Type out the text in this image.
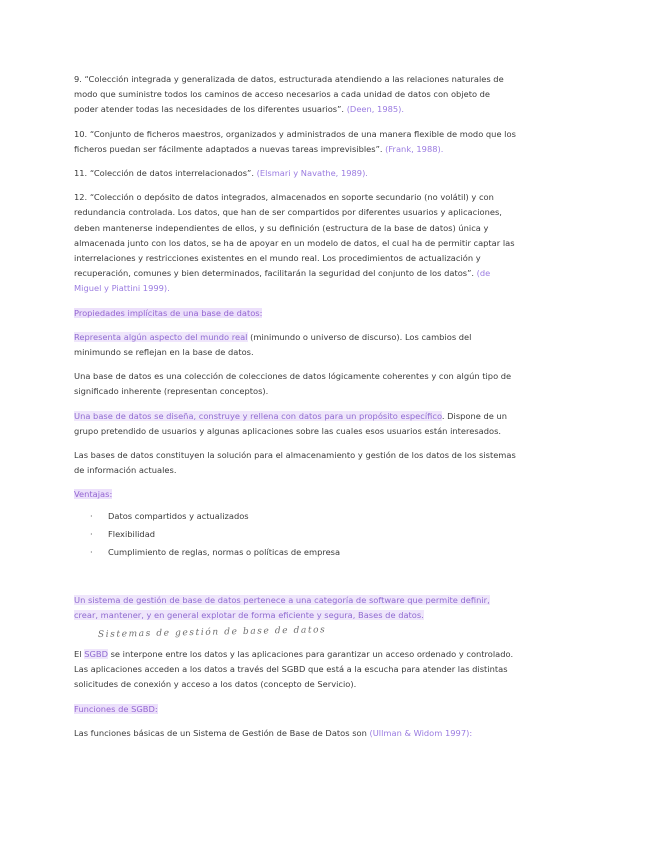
9. “Colección integrada y generalizada de datos, estructurada atendiendo a las relaciones naturales de modo que suministre todos los caminos de acceso necesarios a cada unidad de datos con objeto de poder atender todas las necesidades de los diferentes usuarios”. (Deen, 1985).

10. “Conjunto de ficheros maestros, organizados y administrados de una manera flexible de modo que los ficheros puedan ser fácilmente adaptados a nuevas tareas imprevisibles”. (Frank, 1988).

11. “Colección de datos interrelacionados”. (Elsmari y Navathe, 1989).

12. “Colección o depósito de datos integrados, almacenados en soporte secundario (no volátil) y con redundancia controlada. Los datos, que han de ser compartidos por diferentes usuarios y aplicaciones, deben mantenerse independientes de ellos, y su definición (estructura de la base de datos) única y almacenada junto con los datos, se ha de apoyar en un modelo de datos, el cual ha de permitir captar las interrelaciones y restricciones existentes en el mundo real. Los procedimientos de actualización y recuperación, comunes y bien determinados, facilitarán la seguridad del conjunto de los datos”. (de Miguel y Piattini 1999).

Propiedades implícitas de una base de datos:

Representa algún aspecto del mundo real (minimundo o universo de discurso). Los cambios del minimundo se reflejan en la base de datos.

Una base de datos es una colección de colecciones de datos lógicamente coherentes y con algún tipo de significado inherente (representan conceptos).

Una base de datos se diseña, construye y rellena con datos para un propósito específico. Dispone de un grupo pretendido de usuarios y algunas aplicaciones sobre las cuales esos usuarios están interesados.

Las bases de datos constituyen la solución para el almacenamiento y gestión de los datos de los sistemas de información actuales.

Ventajas:

· Datos compartidos y actualizados
· Flexibilidad
· Cumplimiento de reglas, normas o políticas de empresa

Un sistema de gestión de base de datos pertenece a una categoría de software que permite definir, crear, mantener, y en general explotar de forma eficiente y segura, Bases de datos.

Sistemas de gestión de base de datos

El SGBD se interpone entre los datos y las aplicaciones para garantizar un acceso ordenado y controlado. Las aplicaciones acceden a los datos a través del SGBD que está a la escucha para atender las distintas solicitudes de conexión y acceso a los datos (concepto de Servicio).

Funciones de SGBD:

Las funciones básicas de un Sistema de Gestión de Base de Datos son (Ullman & Widom 1997):
